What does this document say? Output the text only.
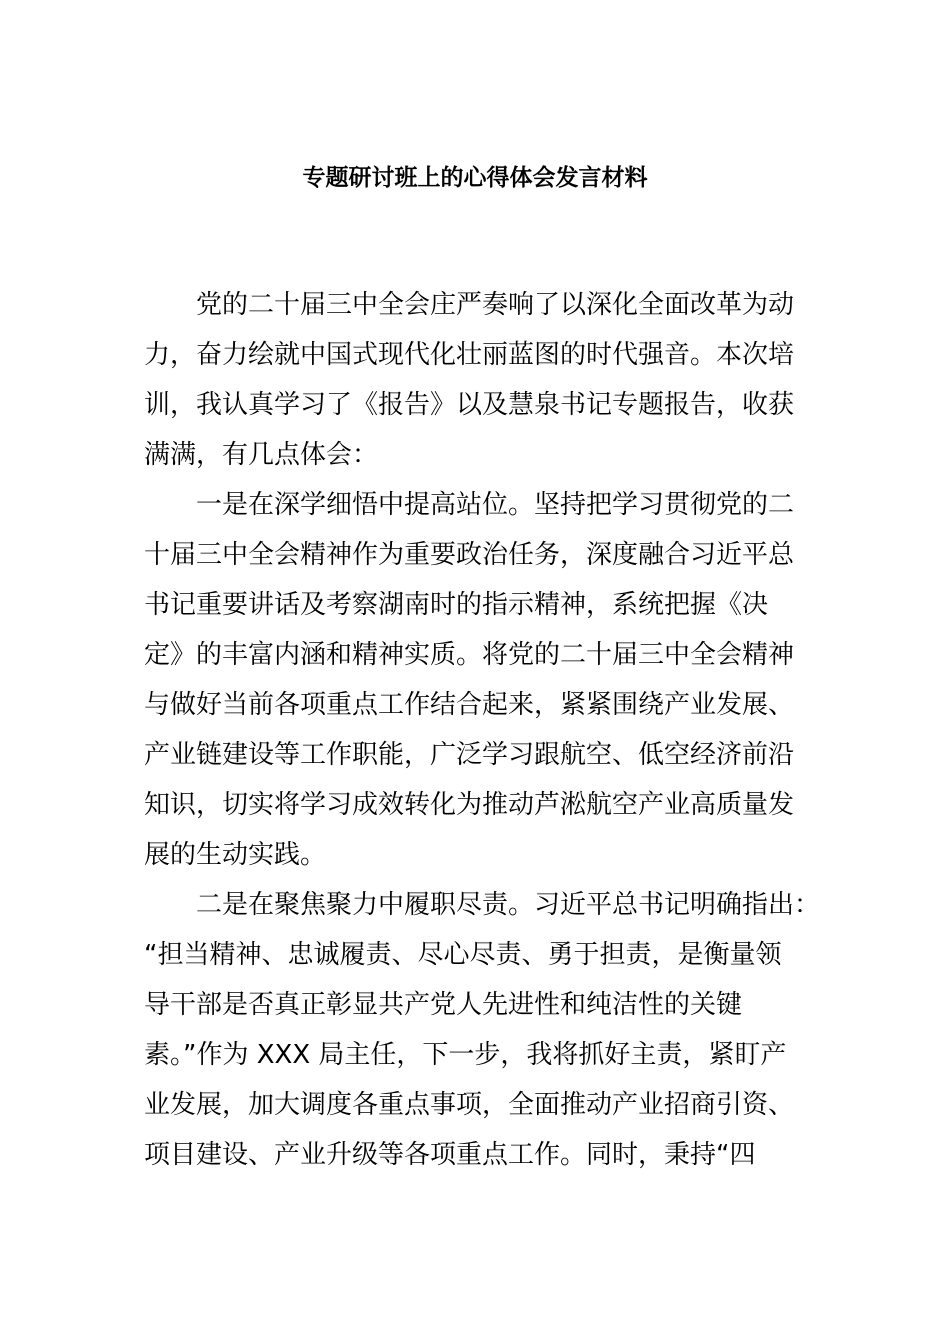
专题研讨班上的心得体会发言材料
党的二十届三中全会庄严奏响了以深化全面改革为动
力，奋力绘就中国式现代化壮丽蓝图的时代强音。本次培
训，我认真学习了《报告》以及慧泉书记专题报告，收获
满满，有几点体会：
一是在深学细悟中提高站位。坚持把学习贯彻党的二
十届三中全会精神作为重要政治任务，深度融合习近平总
书记重要讲话及考察湖南时的指示精神，系统把握《决
定》的丰富内涵和精神实质。将党的二十届三中全会精神
与做好当前各项重点工作结合起来，紧紧围绕产业发展、
产业链建设等工作职能，广泛学习跟航空、低空经济前沿
知识，切实将学习成效转化为推动芦淞航空产业高质量发
展的生动实践。
二是在聚焦聚力中履职尽责。习近平总书记明确指出：
“担当精神、忠诚履责、尽心尽责、勇于担责，是衡量领
导干部是否真正彰显共产党人先进性和纯洁性的关键
素。”作为 XXX 局主任，下一步，我将抓好主责，紧盯产
业发展，加大调度各重点事项，全面推动产业招商引资、
项目建设、产业升级等各项重点工作。同时，秉持“四
